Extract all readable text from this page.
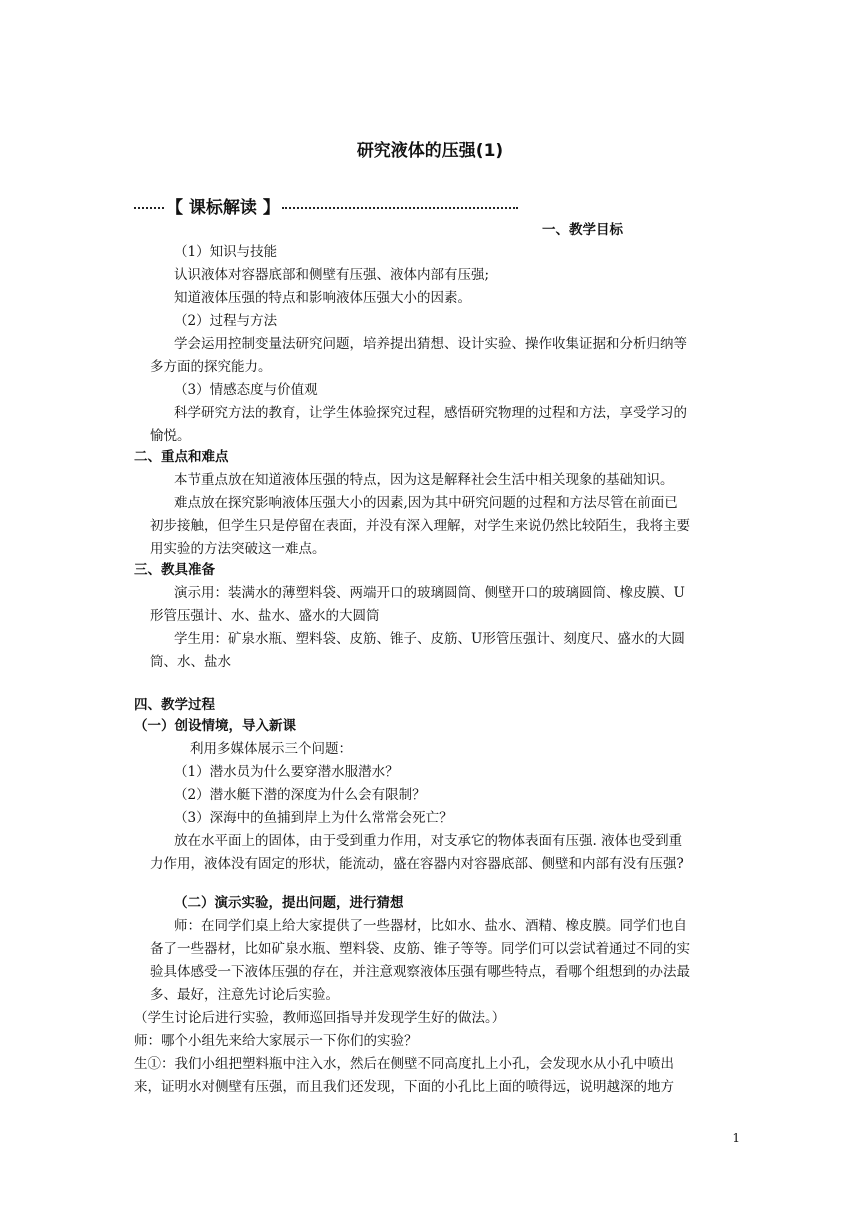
研究液体的压强(1)
【 课标解读 】
一、教学目标
（1）知识与技能
认识液体对容器底部和侧壁有压强、液体内部有压强;
知道液体压强的特点和影响液体压强大小的因素。
（2）过程与方法
学会运用控制变量法研究问题，培养提出猜想、设计实验、操作收集证据和分析归纳等
多方面的探究能力。
（3）情感态度与价值观
科学研究方法的教育，让学生体验探究过程，感悟研究物理的过程和方法，享受学习的
愉悦。
二、重点和难点
本节重点放在知道液体压强的特点，因为这是解释社会生活中相关现象的基础知识。
难点放在探究影响液体压强大小的因素,因为其中研究问题的过程和方法尽管在前面已
初步接触，但学生只是停留在表面，并没有深入理解，对学生来说仍然比较陌生，我将主要
用实验的方法突破这一难点。
三、教具准备
演示用：装满水的薄塑料袋、两端开口的玻璃圆筒、侧壁开口的玻璃圆筒、橡皮膜、U
形管压强计、水、盐水、盛水的大圆筒
学生用：矿泉水瓶、塑料袋、皮筋、锥子、皮筋、U形管压强计、刻度尺、盛水的大圆
筒、水、盐水
四、教学过程
（一）创设情境，导入新课
利用多媒体展示三个问题：
（1）潜水员为什么要穿潜水服潜水？
（2）潜水艇下潜的深度为什么会有限制？
（3）深海中的鱼捕到岸上为什么常常会死亡？
放在水平面上的固体，由于受到重力作用，对支承它的物体表面有压强. 液体也受到重
力作用，液体没有固定的形状，能流动，盛在容器内对容器底部、侧壁和内部有没有压强?
（二）演示实验，提出问题，进行猜想
师：在同学们桌上给大家提供了一些器材，比如水、盐水、酒精、橡皮膜。同学们也自
备了一些器材，比如矿泉水瓶、塑料袋、皮筋、锥子等等。同学们可以尝试着通过不同的实
验具体感受一下液体压强的存在，并注意观察液体压强有哪些特点，看哪个组想到的办法最
多、最好，注意先讨论后实验。
（学生讨论后进行实验，教师巡回指导并发现学生好的做法。）
师：哪个小组先来给大家展示一下你们的实验？
生①：我们小组把塑料瓶中注入水，然后在侧壁不同高度扎上小孔，会发现水从小孔中喷出
来，证明水对侧壁有压强，而且我们还发现，下面的小孔比上面的喷得远，说明越深的地方
1
